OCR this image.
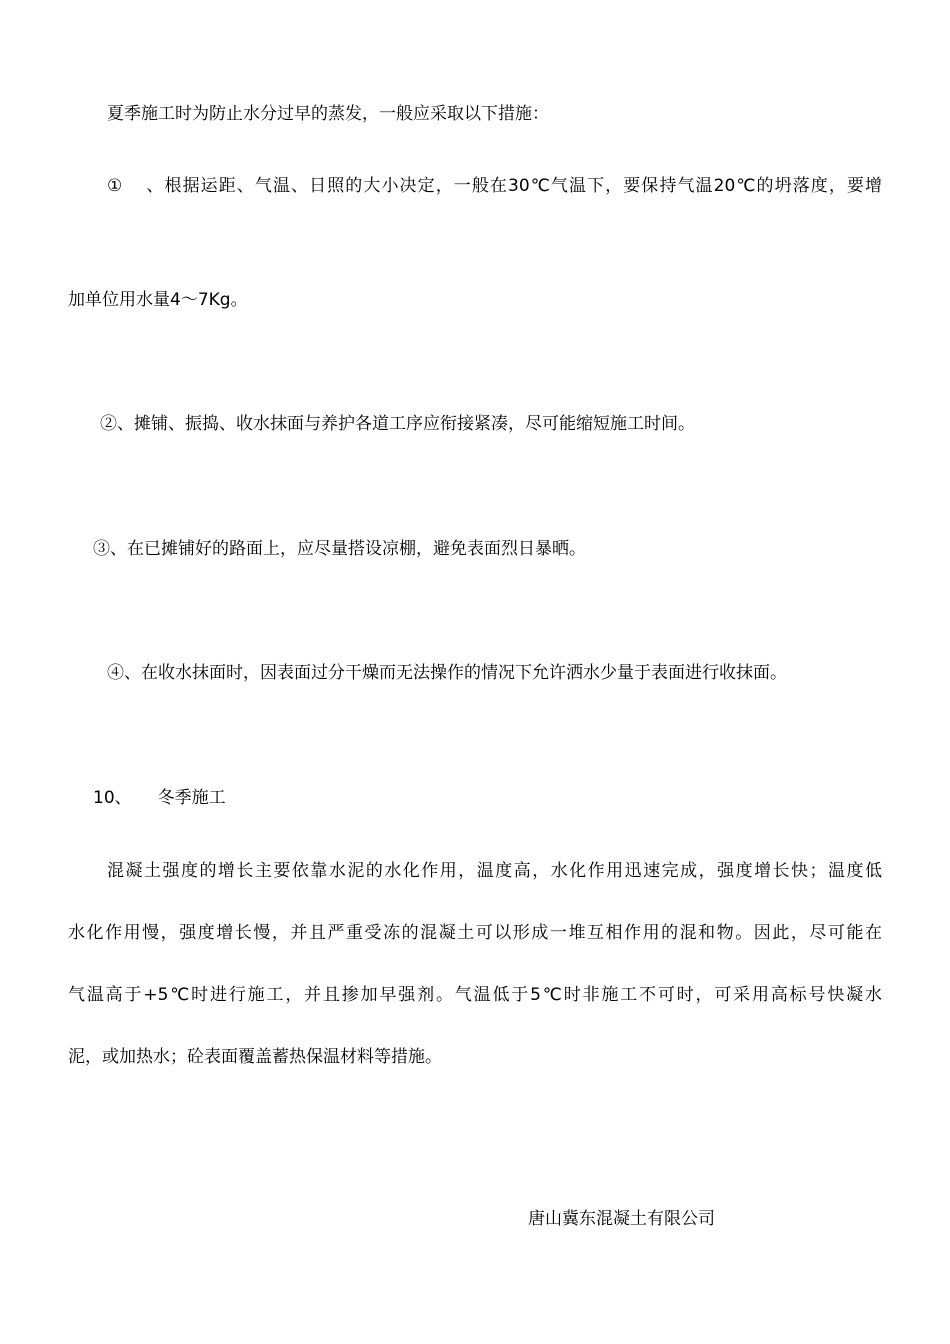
夏季施工时为防止水分过早的蒸发，一般应采取以下措施：

① 、根据运距、气温、日照的大小决定，一般在30℃气温下，要保持气温20℃的坍落度，要增

加单位用水量4～7Kg。

②、摊铺、振捣、收水抹面与养护各道工序应衔接紧凑，尽可能缩短施工时间。

③、在已摊铺好的路面上，应尽量搭设凉棚，避免表面烈日暴晒。

④、在收水抹面时，因表面过分干燥而无法操作的情况下允许洒水少量于表面进行收抹面。

10、 冬季施工

混凝土强度的增长主要依靠水泥的水化作用，温度高，水化作用迅速完成，强度增长快；温度低

水化作用慢，强度增长慢，并且严重受冻的混凝土可以形成一堆互相作用的混和物。因此，尽可能在

气温高于+5℃时进行施工，并且掺加早强剂。气温低于5℃时非施工不可时，可采用高标号快凝水

泥，或加热水；砼表面覆盖蓄热保温材料等措施。

唐山冀东混凝土有限公司
